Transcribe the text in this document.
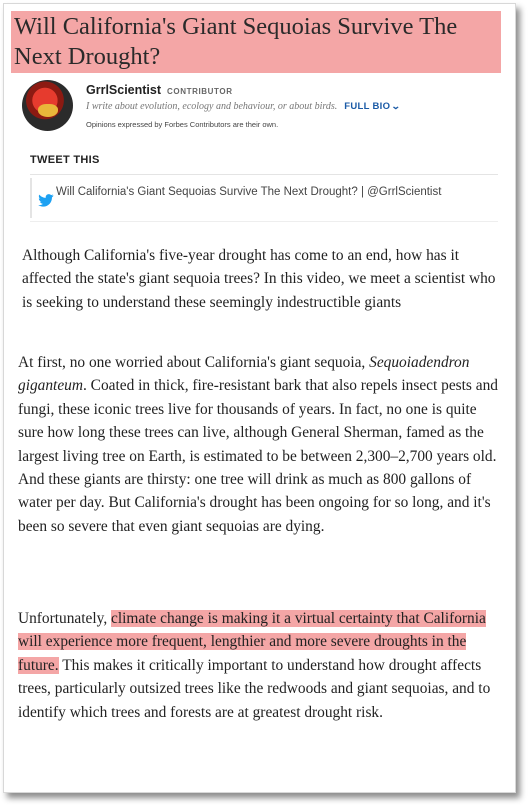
Will California's Giant Sequoias Survive The Next Drought?
GrrlScientist CONTRIBUTOR
I write about evolution, ecology and behaviour, or about birds. FULL BIO⌄
Opinions expressed by Forbes Contributors are their own.
TWEET THIS
Will California's Giant Sequoias Survive The Next Drought? | @GrrlScientist

Although California's five-year drought has come to an end, how has it affected the state's giant sequoia trees? In this video, we meet a scientist who is seeking to understand these seemingly indestructible giants

At first, no one worried about California's giant sequoia, Sequoiadendron giganteum. Coated in thick, fire-resistant bark that also repels insect pests and fungi, these iconic trees live for thousands of years. In fact, no one is quite sure how long these trees can live, although General Sherman, famed as the largest living tree on Earth, is estimated to be between 2,300–2,700 years old. And these giants are thirsty: one tree will drink as much as 800 gallons of water per day. But California's drought has been ongoing for so long, and it's been so severe that even giant sequoias are dying.

Unfortunately, climate change is making it a virtual certainty that California will experience more frequent, lengthier and more severe droughts in the future. This makes it critically important to understand how drought affects trees, particularly outsized trees like the redwoods and giant sequoias, and to identify which trees and forests are at greatest drought risk.
